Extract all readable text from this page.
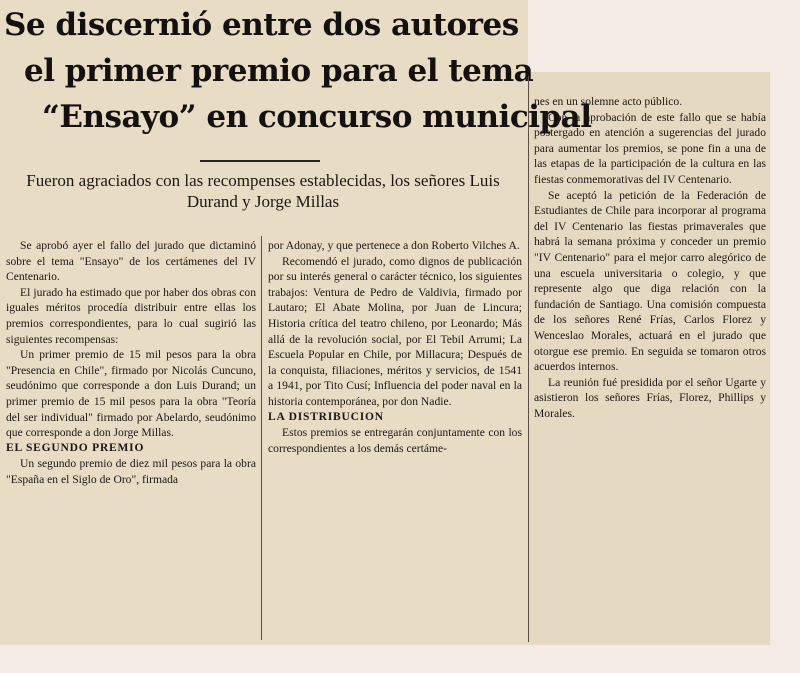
Se discernió entre dos autores
el primer premio para el tema
“Ensayo” en concurso municipal
Fueron agraciados con las recompenses establecidas, los señores Luis Durand y Jorge Millas

Se aprobó ayer el fallo del jurado que dictaminó sobre el tema "Ensayo" de los certámenes del IV Centenario.

El jurado ha estimado que por haber dos obras con iguales méritos procedía distribuir entre ellas los premios correspondientes, para lo cual sugirió las siguientes recompensas:

Un primer premio de 15 mil pesos para la obra "Presencia en Chile", firmado por Nicolás Cuncuno, seudónimo que corresponde a don Luis Durand; un primer premio de 15 mil pesos para la obra "Teoría del ser individual" firmado por Abelardo, seudónimo que corresponde a don Jorge Millas.

EL SEGUNDO PREMIO

Un segundo premio de diez mil pesos para la obra "España en el Siglo de Oro", firmada

por Adonay, y que pertenece a don Roberto Vilches A.

Recomendó el jurado, como dignos de publicación por su interés general o carácter técnico, los siguientes trabajos: Ventura de Pedro de Valdivia, firmado por Lautaro; El Abate Molina, por Juan de Lincura; Historia crítica del teatro chileno, por Leonardo; Más allá de la revolución social, por El Tebil Arrumi; La Escuela Popular en Chile, por Millacura; Después de la conquista, filiaciones, méritos y servicios, de 1541 a 1941, por Tito Cusí; Influencia del poder naval en la historia contemporánea, por don Nadie.

LA DISTRIBUCION

Estos premios se entregarán conjuntamente con los correspondientes a los demás certáme-

nes en un solemne acto público.

Con la aprobación de este fallo que se había postergado en atención a sugerencias del jurado para aumentar los premios, se pone fin a una de las etapas de la participación de la cultura en las fiestas conmemorativas del IV Centenario.

Se aceptó la petición de la Federación de Estudiantes de Chile para incorporar al programa del IV Centenario las fiestas primaverales que habrá la semana próxima y conceder un premio "IV Centenario" para el mejor carro alegórico de una escuela universitaria o colegio, y que represente algo que diga relación con la fundación de Santiago. Una comisión compuesta de los señores René Frías, Carlos Florez y Wenceslao Morales, actuará en el jurado que otorgue ese premio. En seguida se tomaron otros acuerdos internos.

La reunión fué presidida por el señor Ugarte y asistieron los señores Frías, Florez, Phillips y Morales.
